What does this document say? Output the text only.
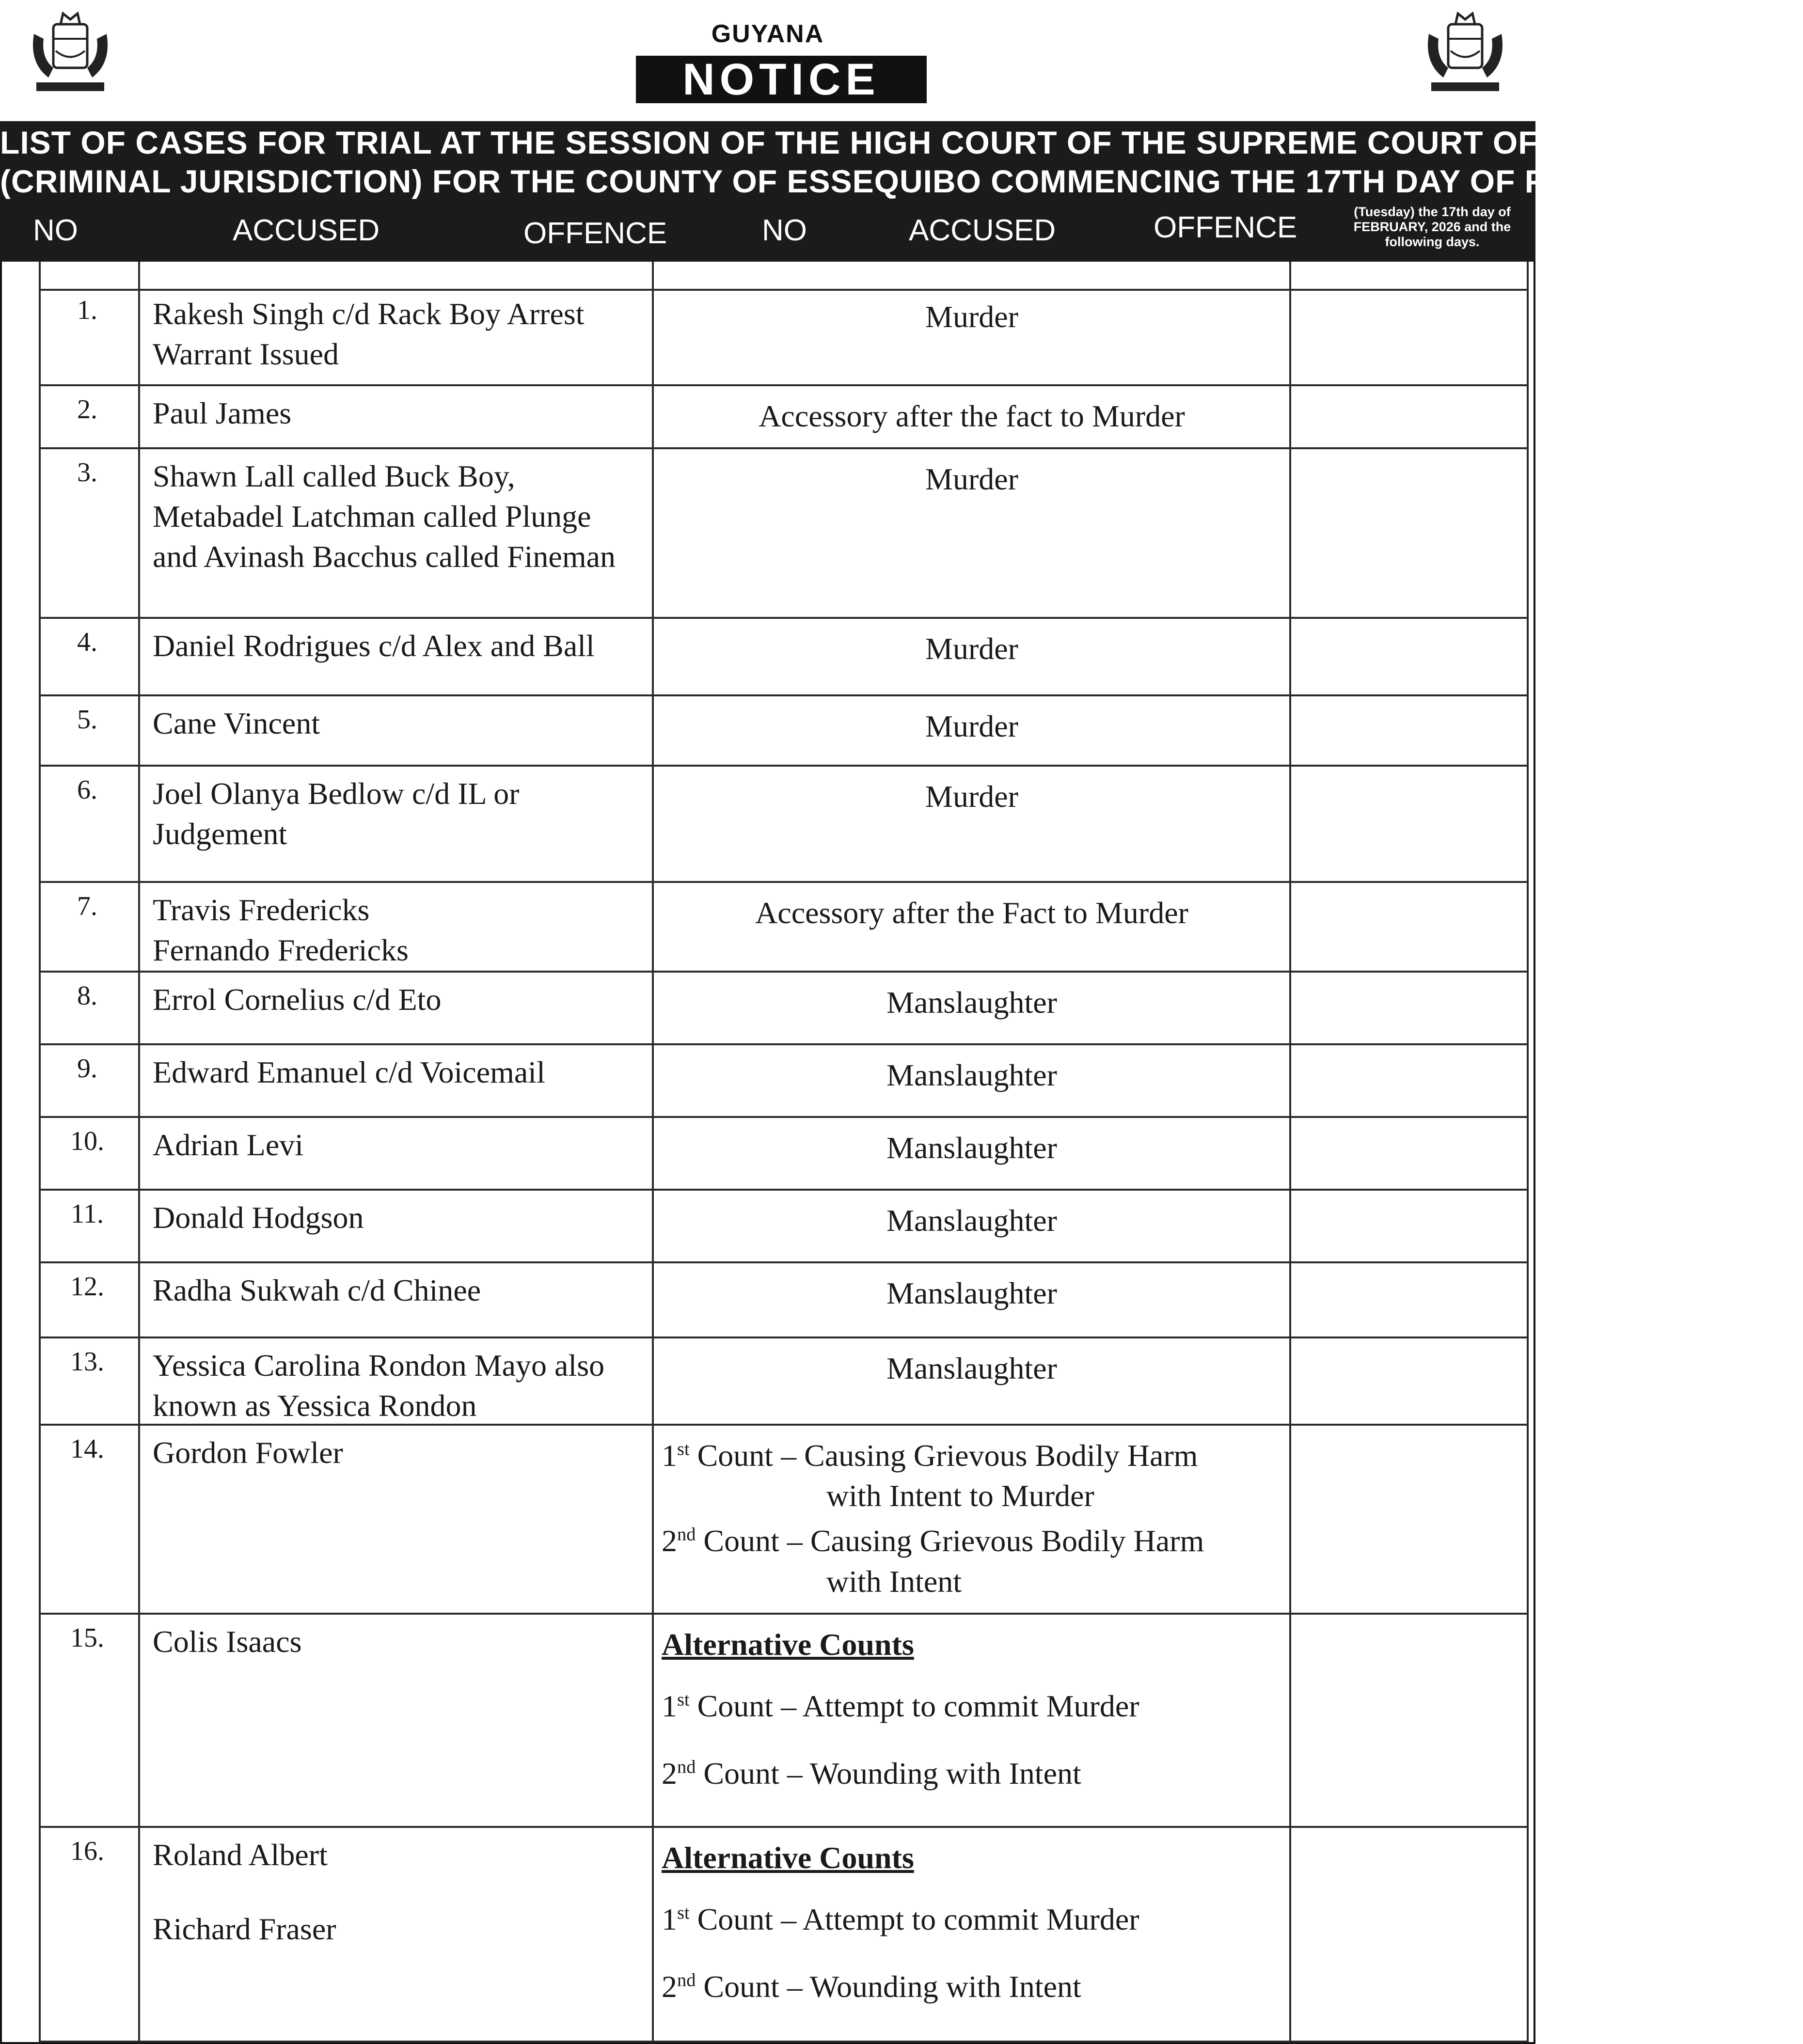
GUYANA
NOTICE
LIST OF CASES FOR TRIAL AT THE SESSION OF THE HIGH COURT OF THE SUPREME COURT OF JUDICATURE
(CRIMINAL JURISDICTION) FOR THE COUNTY OF ESSEQUIBO COMMENCING THE 17TH DAY OF FEBRUARY, 2026.
NO	ACCUSED	OFFENCE	NO	ACCUSED	OFFENCE	(Tuesday) the 17th day of
FEBRUARY, 2026 and the
following days.
1.	Rakesh Singh c/d Rack Boy Arrest
Warrant Issued
Murder
2.	Paul James	Accessory after the fact to Murder
3.	Shawn Lall called Buck Boy,
Metabadel Latchman called Plunge
and Avinash Bacchus called Fineman
Murder
4.	Daniel Rodrigues c/d Alex and Ball	Murder
5.	Cane Vincent	Murder
6.	Joel Olanya Bedlow c/d IL or
Judgement
Murder
7.	Travis Fredericks
Fernando Fredericks
Accessory after the Fact to Murder
8.	Errol Cornelius c/d Eto	Manslaughter
9.	Edward Emanuel c/d Voicemail	Manslaughter
10.	Adrian Levi	Manslaughter
11.	Donald Hodgson	Manslaughter
12.	Radha Sukwah c/d Chinee	Manslaughter
13.	Yessica Carolina Rondon Mayo also
known as Yessica Rondon
Manslaughter
14.	Gordon Fowler	1st Count – Causing Grievous Bodily Harm
with Intent to Murder
2nd Count – Causing Grievous Bodily Harm
with Intent
15.	Colis Isaacs	Alternative Counts
1st Count – Attempt to commit Murder
2nd Count – Wounding with Intent
16.	Roland Albert
Richard Fraser
Alternative Counts
1st Count – Attempt to commit Murder
2nd Count – Wounding with Intent
